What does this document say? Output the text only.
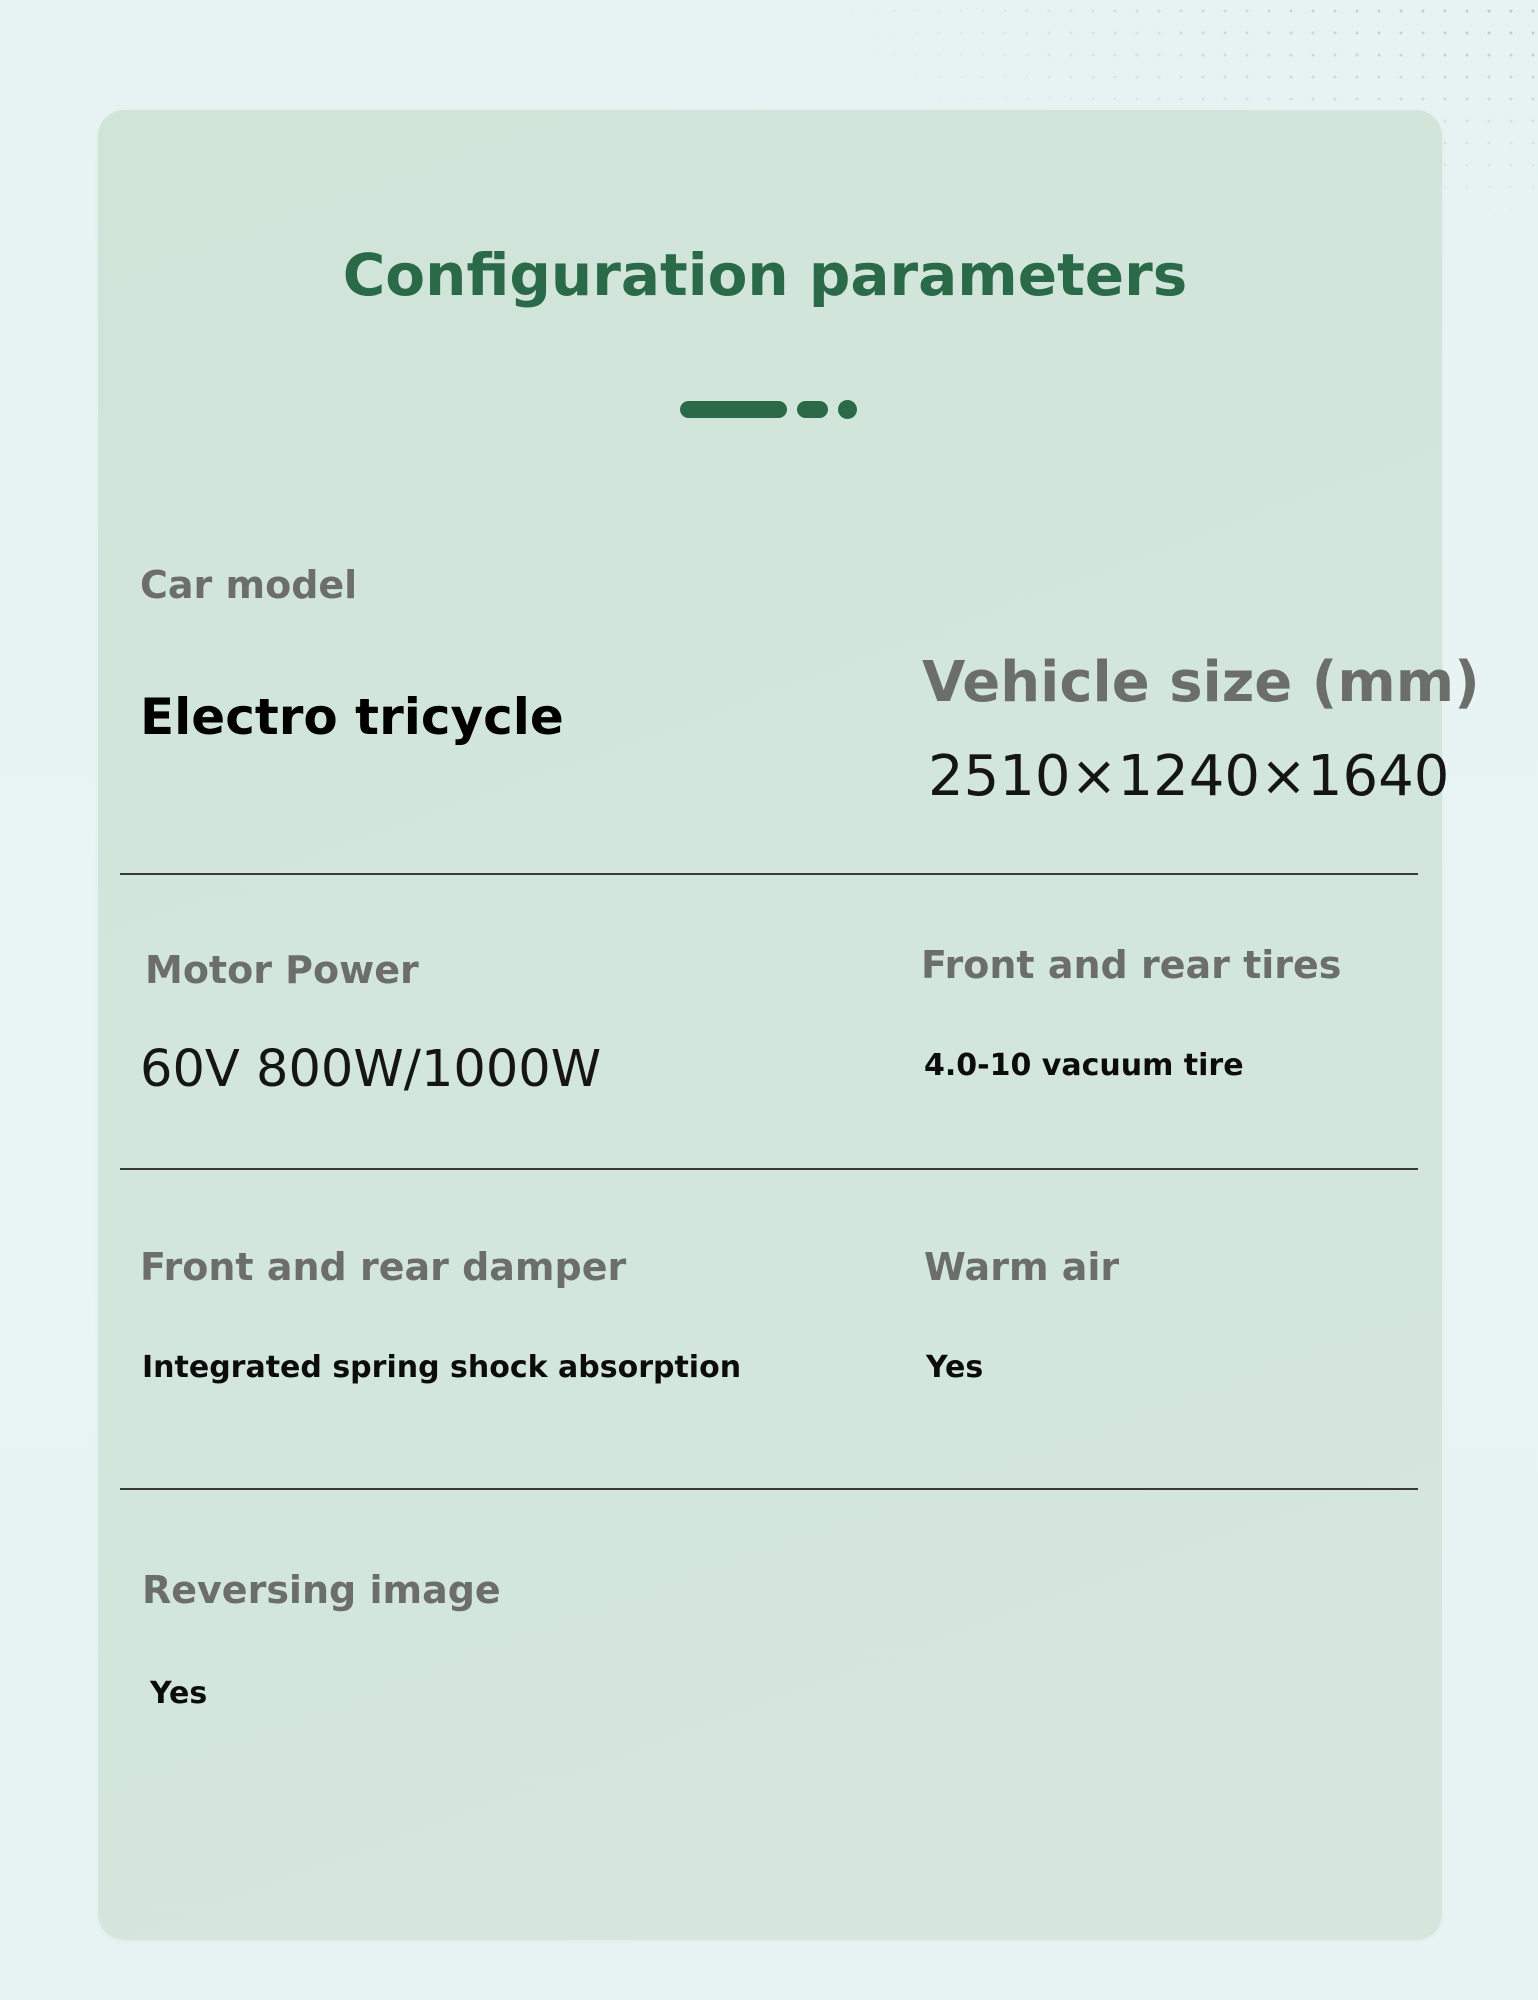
Configuration parameters
Car model
Electro tricycle
Vehicle size (mm)
2510×1240×1640
Motor Power
60V 800W/1000W
Front and rear tires
4.0-10 vacuum tire
Front and rear damper
Integrated spring shock absorption
Warm air
Yes
Reversing image
Yes
